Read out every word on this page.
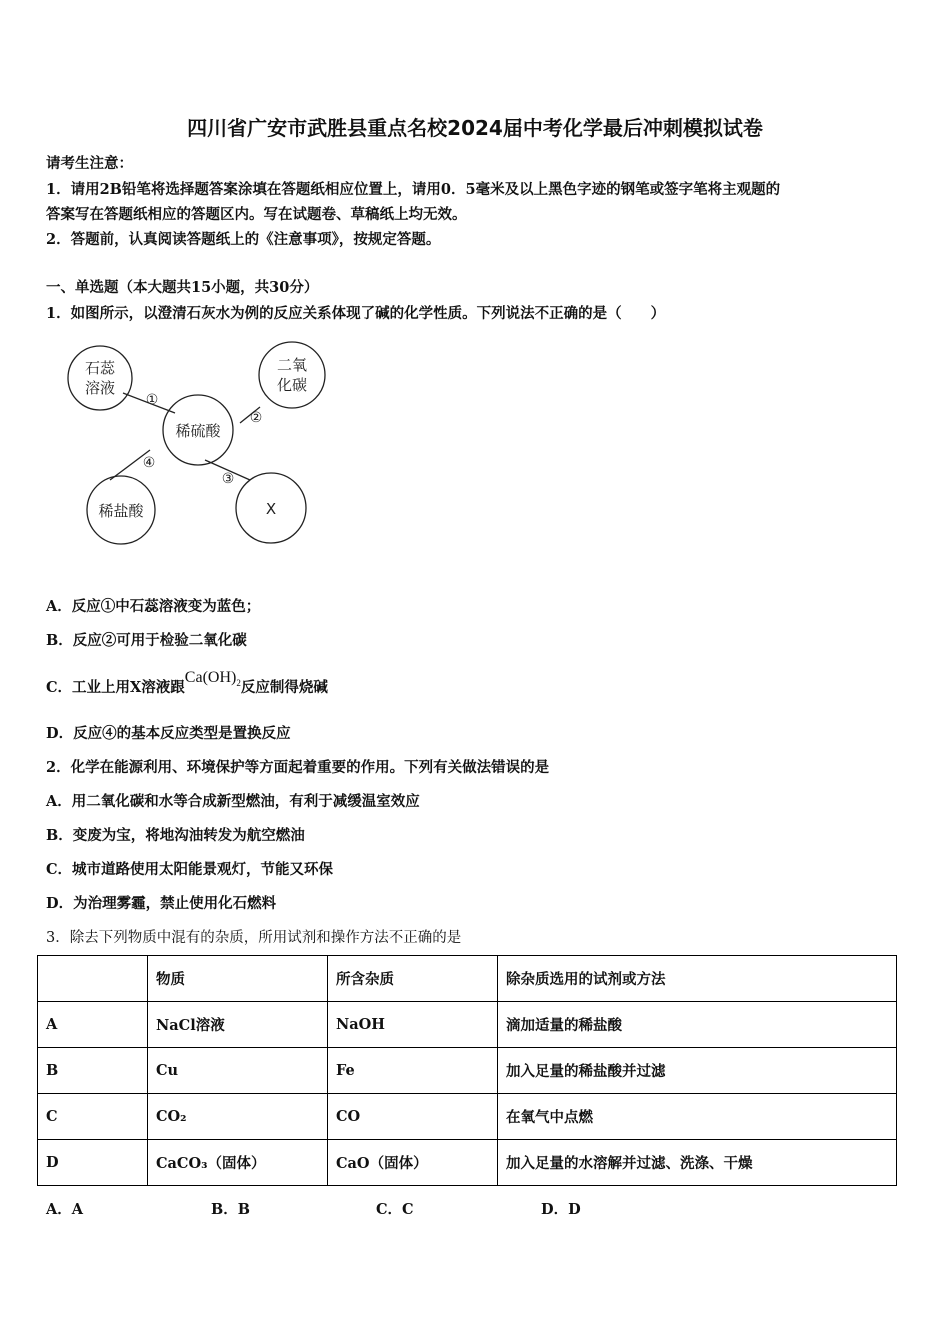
四川省广安市武胜县重点名校2024届中考化学最后冲刺模拟试卷
请考生注意：
1．请用2B铅笔将选择题答案涂填在答题纸相应位置上，请用0．5毫米及以上黑色字迹的钢笔或签字笔将主观题的
答案写在答题纸相应的答题区内。写在试题卷、草稿纸上均无效。
2．答题前，认真阅读答题纸上的《注意事项》，按规定答题。
一、单选题（本大题共15小题，共30分）
1．如图所示，以澄清石灰水为例的反应关系体现了碱的化学性质。下列说法不正确的是（　　）
石蕊
溶液
二氧
化碳
稀硫酸
稀盐酸	X
①
②
③
④
A．反应①中石蕊溶液变为蓝色；
B．反应②可用于检验二氧化碳
C．工业上用X溶液跟$Ca(OH)_2$反应制得烧碱
D．反应④的基本反应类型是置换反应
2．化学在能源利用、环境保护等方面起着重要的作用。下列有关做法错误的是
A．用二氧化碳和水等合成新型燃油，有利于减缓温室效应
B．变废为宝，将地沟油转发为航空燃油
C．城市道路使用太阳能景观灯，节能又环保
D．为治理雾霾，禁止使用化石燃料
3．除去下列物质中混有的杂质，所用试剂和操作方法不正确的是
	物质	所含杂质	除杂质选用的试剂或方法
A	NaCl溶液	NaOH	滴加适量的稀盐酸
B	Cu	Fe	加入足量的稀盐酸并过滤
C	CO₂	CO	在氧气中点燃
D	CaCO₃（固体）	CaO（固体）	加入足量的水溶解并过滤、洗涤、干燥
A．A	B．B	C．C	D．D
